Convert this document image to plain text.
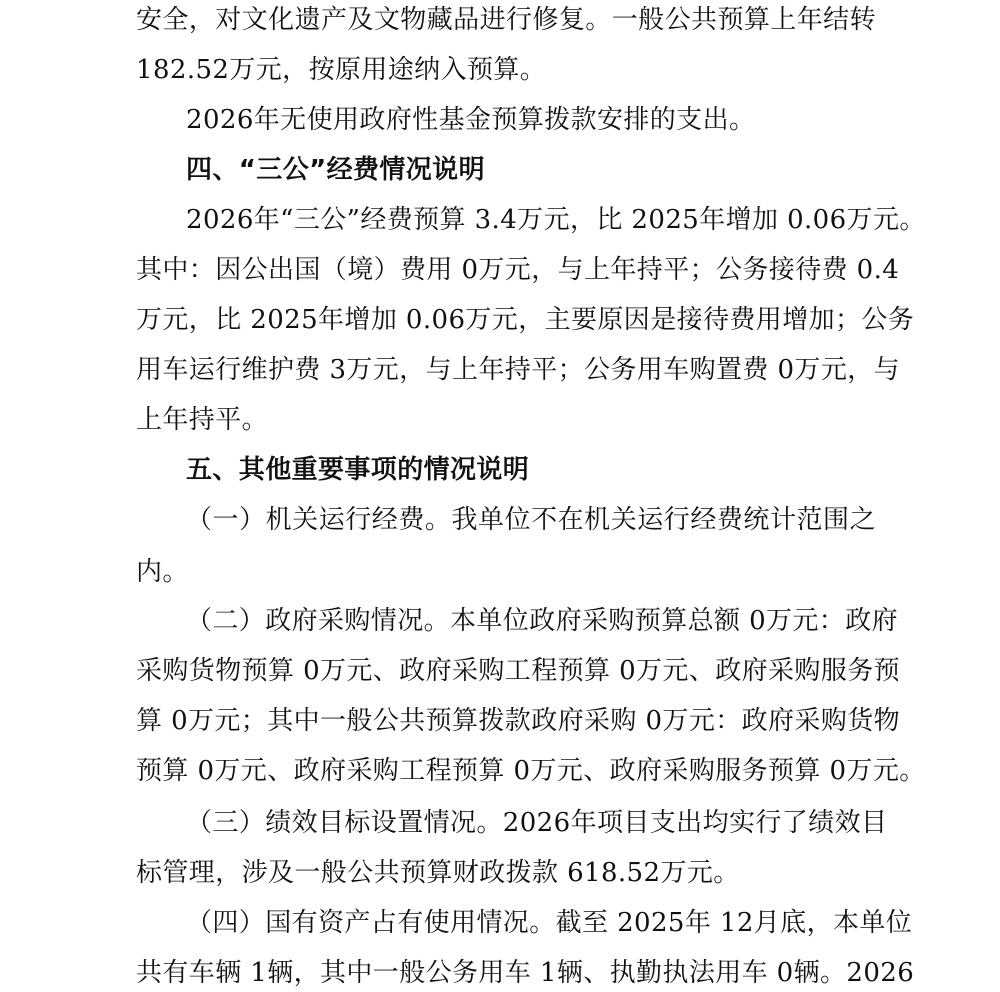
安全，对文化遗产及文物藏品进行修复。一般公共预算上年结转
182.52万元，按原用途纳入预算。
2026年无使用政府性基金预算拨款安排的支出。
四、“三公”经费情况说明
2026年“三公”经费预算 3.4万元，比 2025年增加 0.06万元。
其中：因公出国（境）费用 0万元，与上年持平；公务接待费 0.4
万元，比 2025年增加 0.06万元，主要原因是接待费用增加；公务
用车运行维护费 3万元，与上年持平；公务用车购置费 0万元，与
上年持平。
五、其他重要事项的情况说明
（一）机关运行经费。我单位不在机关运行经费统计范围之
内。
（二）政府采购情况。本单位政府采购预算总额 0万元：政府
采购货物预算 0万元、政府采购工程预算 0万元、政府采购服务预
算 0万元；其中一般公共预算拨款政府采购 0万元：政府采购货物
预算 0万元、政府采购工程预算 0万元、政府采购服务预算 0万元。
（三）绩效目标设置情况。2026年项目支出均实行了绩效目
标管理，涉及一般公共预算财政拨款 618.52万元。
（四）国有资产占有使用情况。截至 2025年 12月底，本单位
共有车辆 1辆，其中一般公务用车 1辆、执勤执法用车 0辆。2026
